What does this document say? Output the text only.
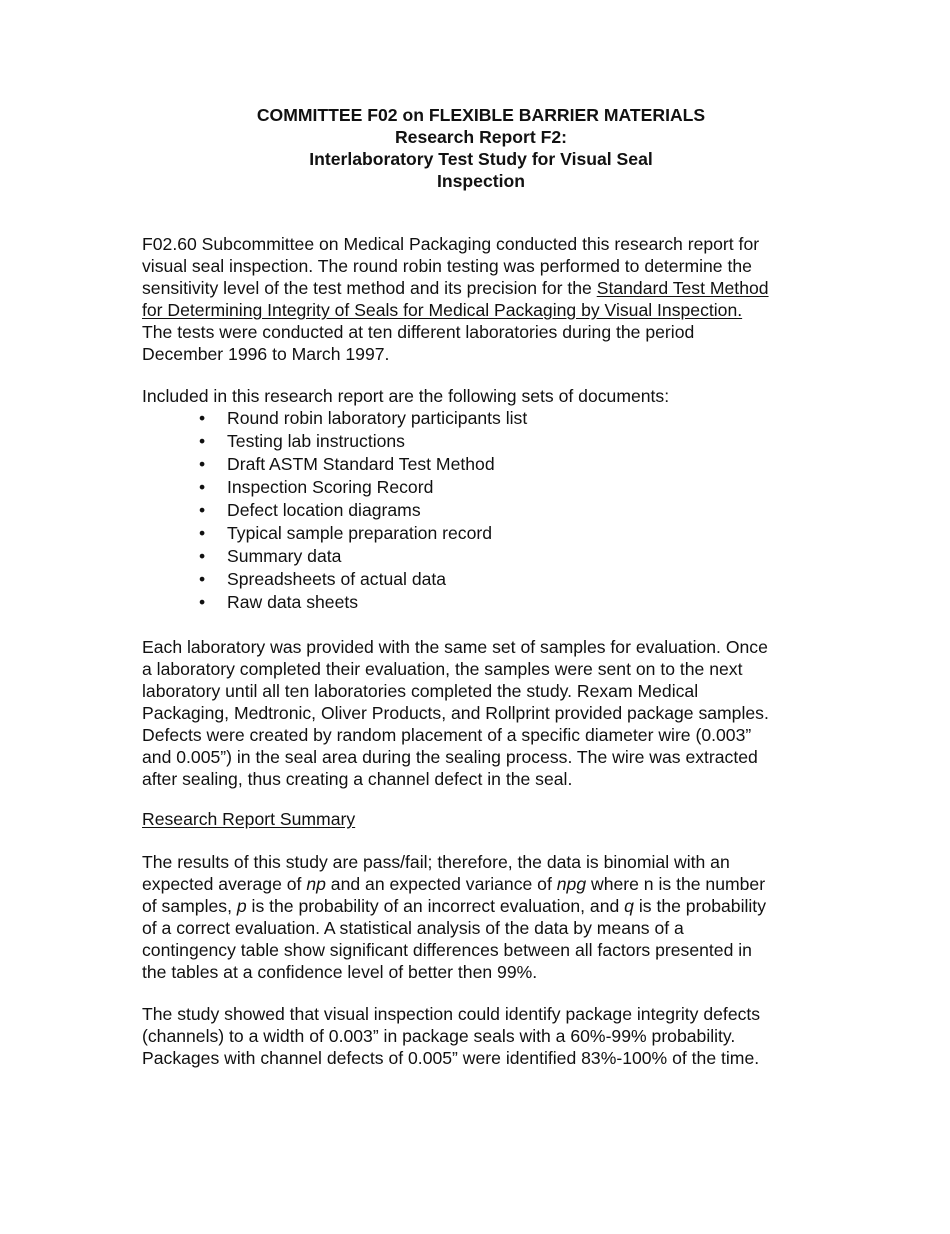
COMMITTEE F02 on FLEXIBLE BARRIER MATERIALS
Research Report F2:
Interlaboratory Test Study for Visual Seal
Inspection
F02.60 Subcommittee on Medical Packaging conducted this research report for
visual seal inspection. The round robin testing was performed to determine the
sensitivity level of the test method and its precision for the Standard Test Method
for Determining Integrity of Seals for Medical Packaging by Visual Inspection.
The tests were conducted at ten different laboratories during the period
December 1996 to March 1997.
Included in this research report are the following sets of documents:
• Round robin laboratory participants list
• Testing lab instructions
• Draft ASTM Standard Test Method
• Inspection Scoring Record
• Defect location diagrams
• Typical sample preparation record
• Summary data
• Spreadsheets of actual data
• Raw data sheets
Each laboratory was provided with the same set of samples for evaluation. Once
a laboratory completed their evaluation, the samples were sent on to the next
laboratory until all ten laboratories completed the study. Rexam Medical
Packaging, Medtronic, Oliver Products, and Rollprint provided package samples.
Defects were created by random placement of a specific diameter wire (0.003”
and 0.005”) in the seal area during the sealing process. The wire was extracted
after sealing, thus creating a channel defect in the seal.
Research Report Summary
The results of this study are pass/fail; therefore, the data is binomial with an
expected average of np and an expected variance of npg where n is the number
of samples, p is the probability of an incorrect evaluation, and q is the probability
of a correct evaluation. A statistical analysis of the data by means of a
contingency table show significant differences between all factors presented in
the tables at a confidence level of better then 99%.
The study showed that visual inspection could identify package integrity defects
(channels) to a width of 0.003” in package seals with a 60%-99% probability.
Packages with channel defects of 0.005” were identified 83%-100% of the time.
